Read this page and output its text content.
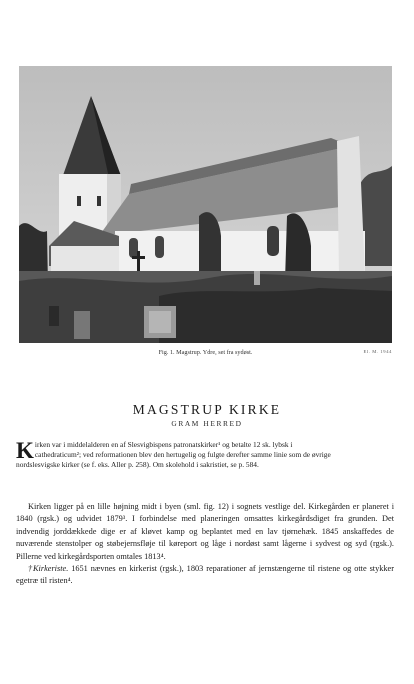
Fig. 1. Magstrup. Ydre, set fra sydøst.	El. M. 1944
MAGSTRUP KIRKE
GRAM HERRED
Kirken var i middelalderen en af Slesvigbispens patronatskirker¹ og betalte 12 sk. lybsk i cathedraticum²; ved reformationen blev den hertugelig og fulgte derefter samme linie som de øvrige nordslesvigske kirker (se f. eks. Aller p. 258). Om skolehold i sakristiet, se p. 584.

Kirken ligger på en lille højning midt i byen (sml. fig. 12) i sognets vestlige del. Kirkegården er planeret i 1840 (rgsk.) og udvidet 1879³. I forbindelse med planeringen omsattes kirkegårdsdiget fra grunden. Det indvendig jorddækkede dige er af kløvet kamp og beplantet med en lav tjørnehæk. 1845 anskaffedes de nuværende stenstolper og støbejernsfløje til køreport og låge i nordøst samt lågerne i sydvest og syd (rgsk.). Pillerne ved kirkegårdsporten omtales 1813⁴.

†Kirkeriste. 1651 nævnes en kirkerist (rgsk.), 1803 reparationer af jernstængerne til ristene og otte stykker egetræ til risten⁴.
